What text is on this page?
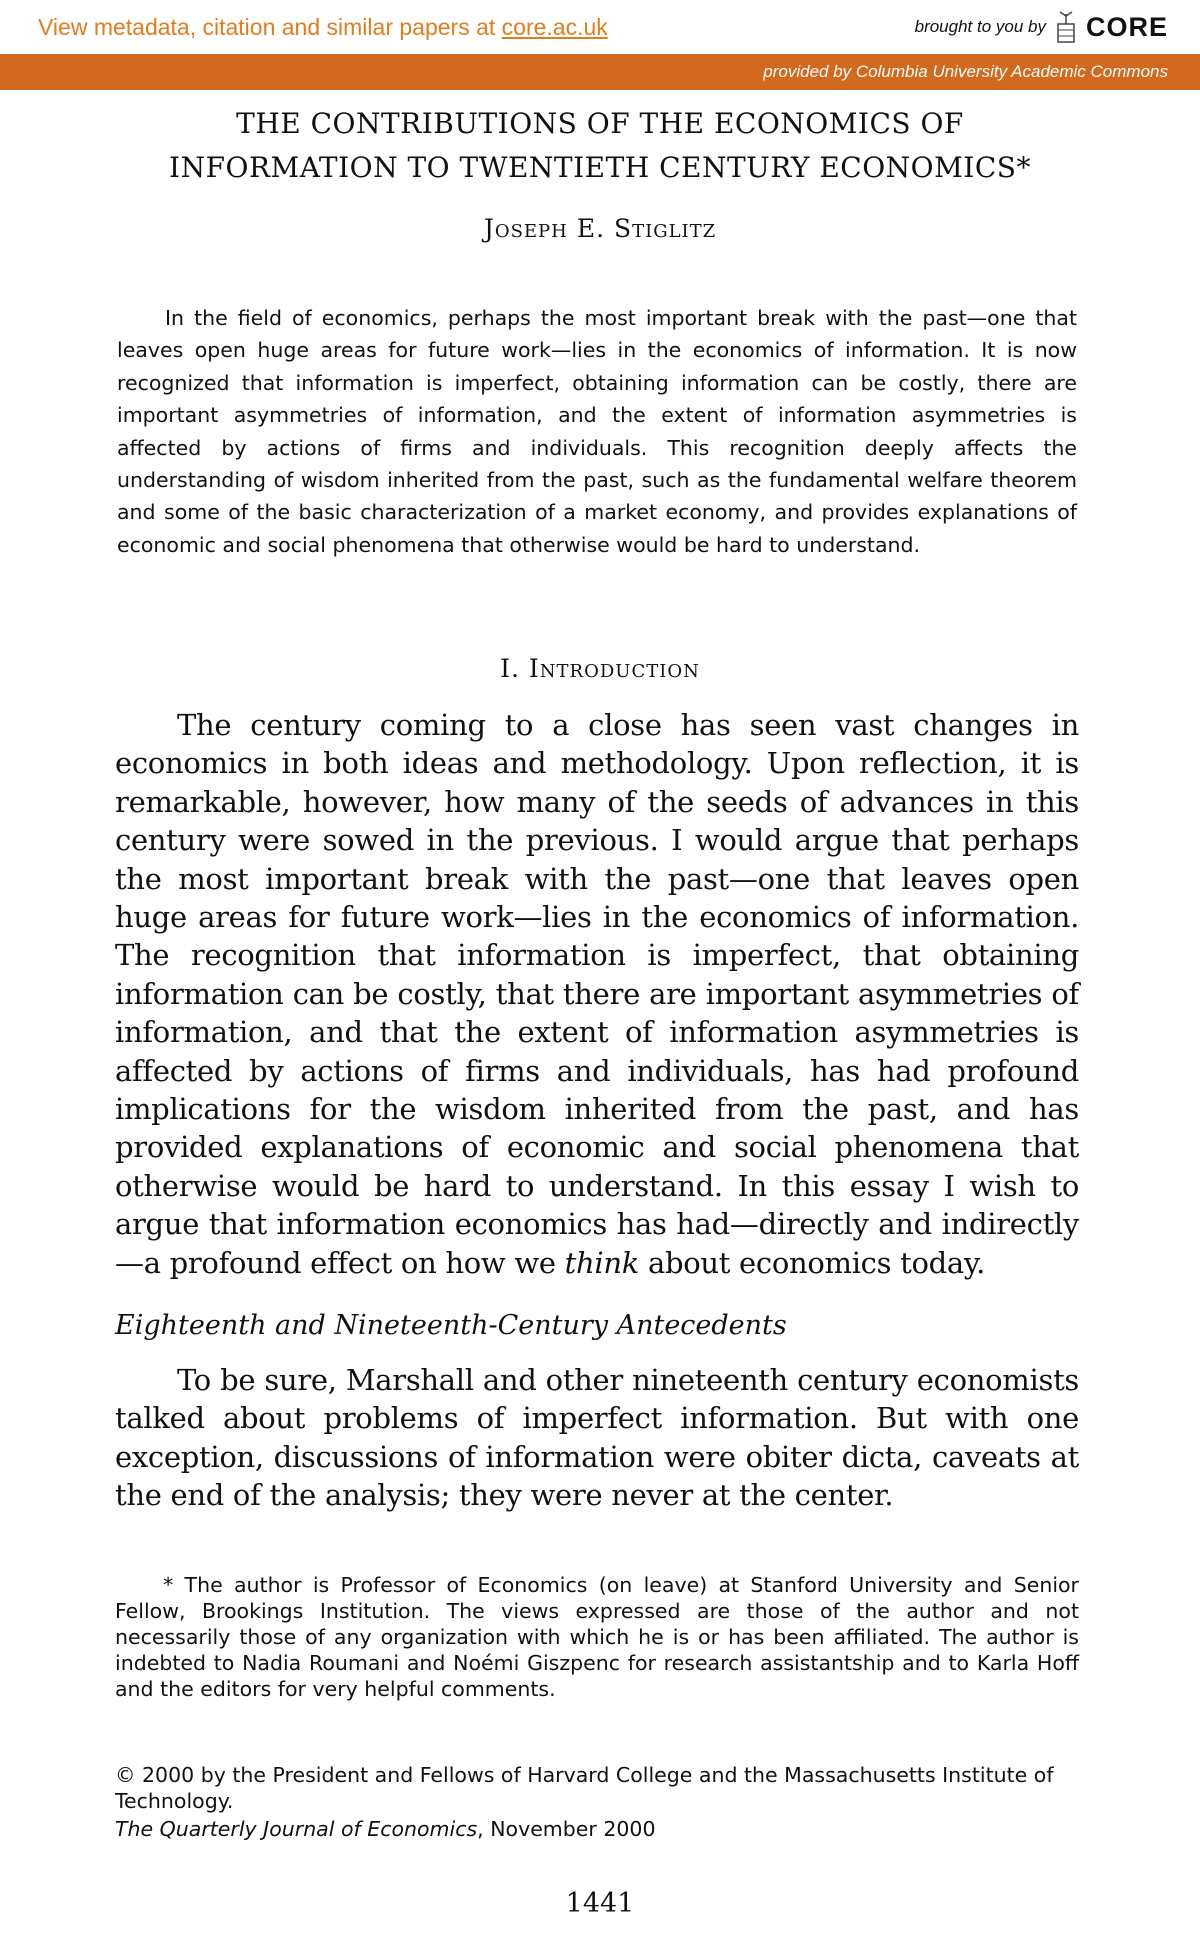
View metadata, citation and similar papers at core.ac.uk	brought to you by CORE
provided by Columbia University Academic Commons
THE CONTRIBUTIONS OF THE ECONOMICS OF
INFORMATION TO TWENTIETH CENTURY ECONOMICS*
Joseph E. Stiglitz

In the field of economics, perhaps the most important break with the past—one that leaves open huge areas for future work—lies in the economics of information. It is now recognized that information is imperfect, obtaining information can be costly, there are important asymmetries of information, and the extent of information asymmetries is affected by actions of firms and individuals. This recognition deeply affects the understanding of wisdom inherited from the past, such as the fundamental welfare theorem and some of the basic characterization of a market economy, and provides explanations of economic and social phenomena that otherwise would be hard to understand.

I. Introduction

The century coming to a close has seen vast changes in economics in both ideas and methodology. Upon reflection, it is remarkable, however, how many of the seeds of advances in this century were sowed in the previous. I would argue that perhaps the most important break with the past—one that leaves open huge areas for future work—lies in the economics of information. The recognition that information is imperfect, that obtaining information can be costly, that there are important asymmetries of information, and that the extent of information asymmetries is affected by actions of firms and individuals, has had profound implications for the wisdom inherited from the past, and has provided explanations of economic and social phenomena that otherwise would be hard to understand. In this essay I wish to argue that information economics has had—directly and indirectly—a profound effect on how we think about economics today.

Eighteenth and Nineteenth-Century Antecedents

To be sure, Marshall and other nineteenth century economists talked about problems of imperfect information. But with one exception, discussions of information were obiter dicta, caveats at the end of the analysis; they were never at the center.

* The author is Professor of Economics (on leave) at Stanford University and Senior Fellow, Brookings Institution. The views expressed are those of the author and not necessarily those of any organization with which he is or has been affiliated. The author is indebted to Nadia Roumani and Noémi Giszpenc for research assistantship and to Karla Hoff and the editors for very helpful comments.

© 2000 by the President and Fellows of Harvard College and the Massachusetts Institute of Technology.

The Quarterly Journal of Economics, November 2000

1441
